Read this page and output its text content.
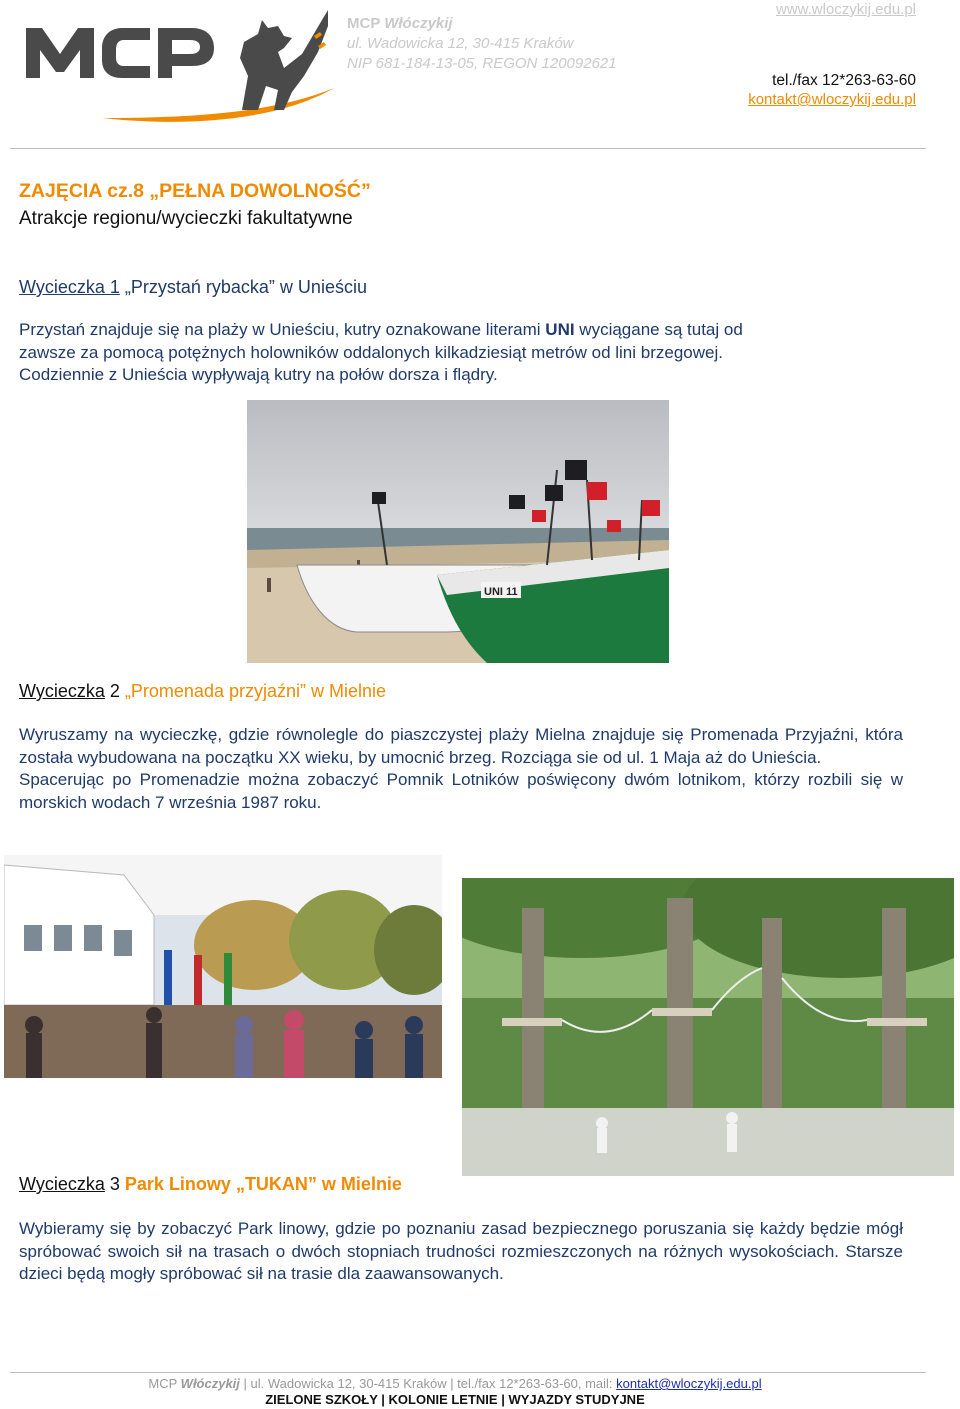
MCP Włóczykij
ul. Wadowicka 12, 30-415 Kraków
NIP 681-184-13-05, REGON 120092621
www.wloczykij.edu.pl
tel./fax 12*263-63-60
kontakt@wloczykij.edu.pl
ZAJĘCIA cz.8 „PEŁNA DOWOLNOŚĆ”
Atrakcje regionu/wycieczki fakultatywne
Wycieczka 1 „Przystań rybacka” w Unieściu

Przystań znajduje się na plaży w Unieściu, kutry oznakowane literami UNI wyciągane są tutaj od zawsze za pomocą potężnych holowników oddalonych kilkadziesiąt metrów od lini brzegowej. Codziennie z Unieścia wypływają kutry na połów dorsza i flądry.

UNI 11
Wycieczka 2 „Promenada przyjaźni” w Mielnie
Wyruszamy na wycieczkę, gdzie równolegle do piaszczystej plaży Mielna znajduje się Promenada Przyjaźni, która została wybudowana na początku XX wieku, by umocnić brzeg. Rozciąga sie od ul. 1 Maja aż do Unieścia.
Spacerując po Promenadzie można zobaczyć Pomnik Lotników poświęcony dwóm lotnikom, którzy rozbili się w morskich wodach 7 września 1987 roku.
Wycieczka 3 Park Linowy „TUKAN” w Mielnie

Wybieramy się by zobaczyć Park linowy, gdzie po poznaniu zasad bezpiecznego poruszania się każdy będzie mógł spróbować swoich sił na trasach o dwóch stopniach trudności rozmieszczonych na różnych wysokościach. Starsze dzieci będą mogły spróbować sił na trasie dla zaawansowanych.

MCP Włóczykij | ul. Wadowicka 12, 30-415 Kraków | tel./fax 12*263-63-60, mail: kontakt@wloczykij.edu.pl
ZIELONE SZKOŁY | KOLONIE LETNIE | WYJAZDY STUDYJNE
